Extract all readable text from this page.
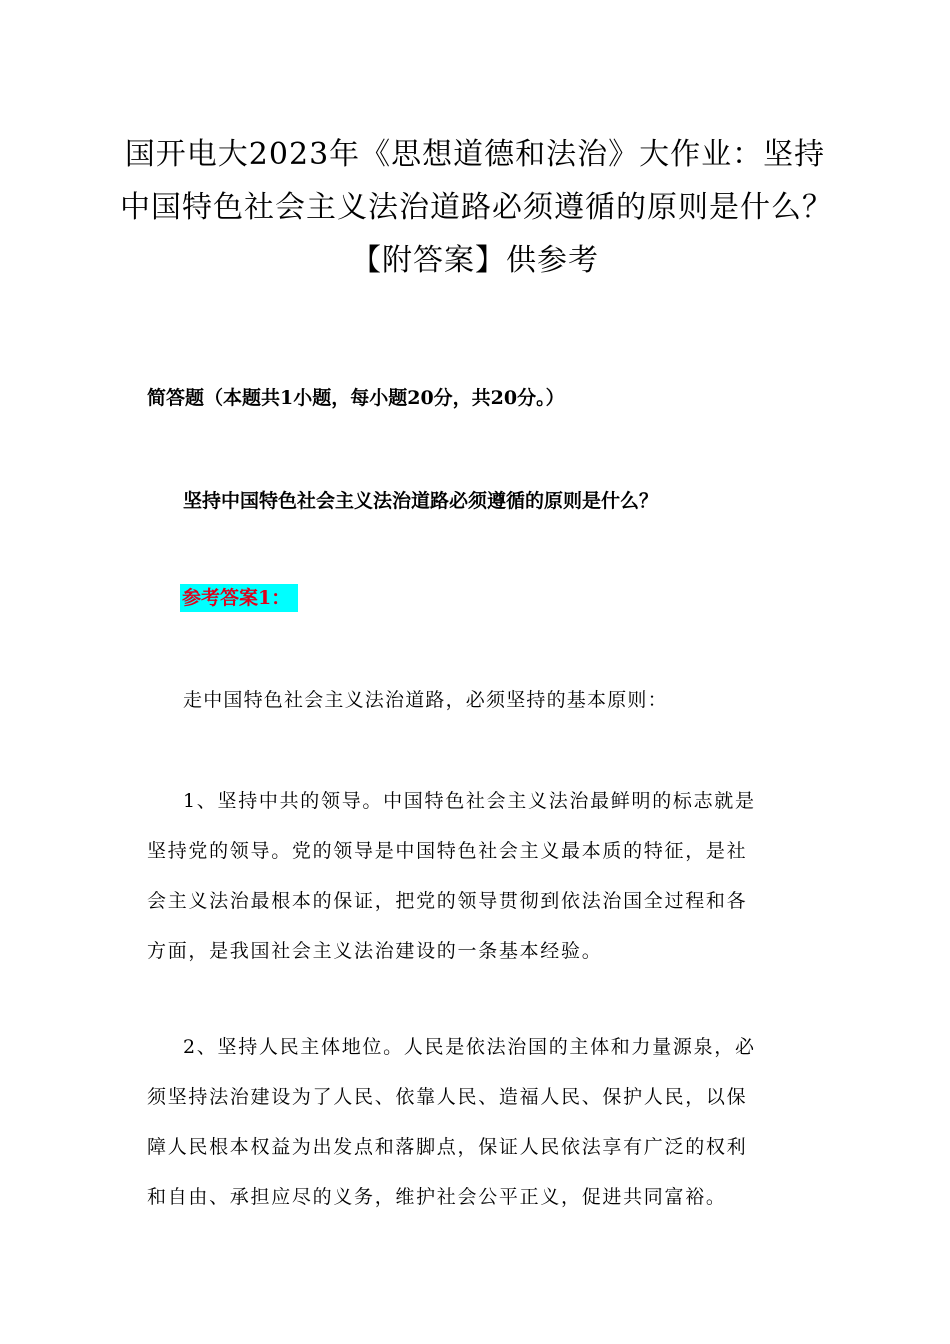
国开电大2023年《思想道德和法治》大作业：坚持
中国特色社会主义法治道路必须遵循的原则是什么？
【附答案】供参考
简答题（本题共1小题，每小题20分，共20分。）
坚持中国特色社会主义法治道路必须遵循的原则是什么？
参考答案1：
走中国特色社会主义法治道路，必须坚持的基本原则：
1、坚持中共的领导。中国特色社会主义法治最鲜明的标志就是
坚持党的领导。党的领导是中国特色社会主义最本质的特征，是社
会主义法治最根本的保证，把党的领导贯彻到依法治国全过程和各
方面，是我国社会主义法治建设的一条基本经验。
2、坚持人民主体地位。人民是依法治国的主体和力量源泉，必
须坚持法治建设为了人民、依靠人民、造福人民、保护人民，以保
障人民根本权益为出发点和落脚点，保证人民依法享有广泛的权利
和自由、承担应尽的义务，维护社会公平正义，促进共同富裕。
